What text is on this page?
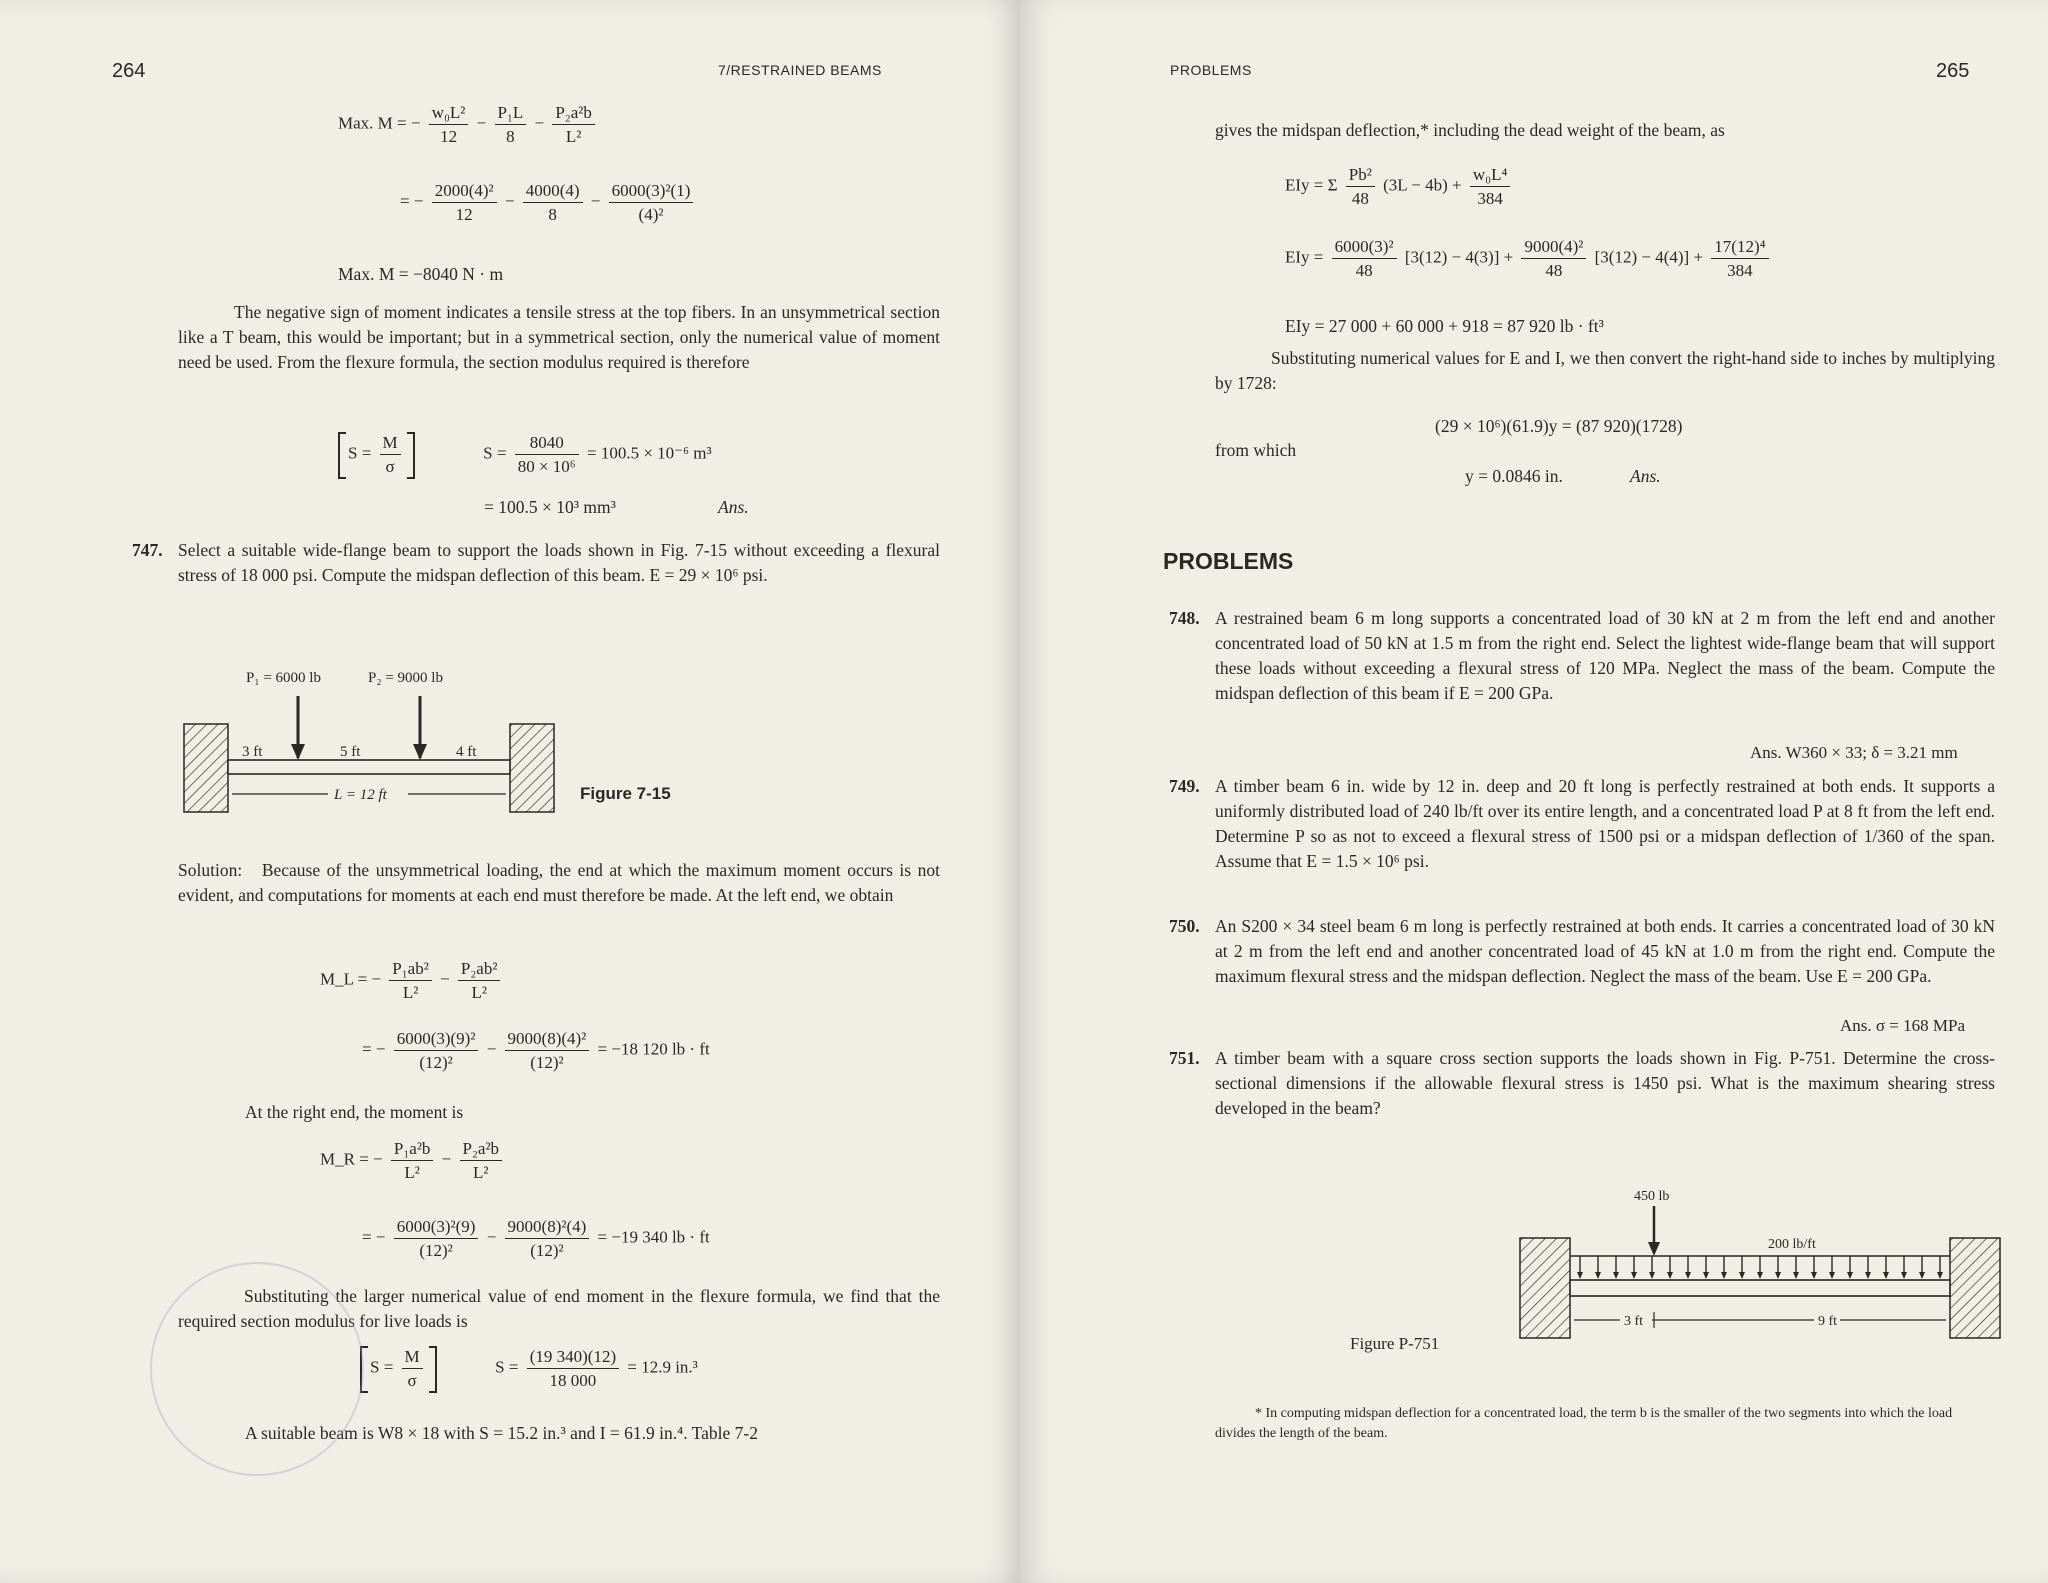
264	7/RESTRAINED BEAMS
Max. M = − $\frac{\text{w₀L²}}{12} - \frac{\text{P₁L}}{8} - \frac{\text{P₂a²b}}{\text{L²}}$
= − $\frac{\text{2000(4)²}}{12} - \frac{4000(4)}{8} - \frac{\text{6000(3)²(1)}}{\text{(4)²}}$
Max. M = −8040 N · m
The negative sign of moment indicates a tensile stress at the top fibers. In an unsymmetrical section like a T beam, this would be important; but in a symmetrical section, only the numerical value of moment need be used. From the flexure formula, the section modulus required is therefore
$S = \frac{M}{\sigma}$	$S = \frac{8040}{\text{80 × 10⁶}} = 100.5 \times 10^{-6}$ m³
= 100.5 × 10³ mm³	Ans.
747. Select a suitable wide-flange beam to support the loads shown in Fig. 7-15 without exceeding a flexural stress of 18 000 psi. Compute the midspan deflection of this beam. E = 29 × 10⁶ psi.
P₁ = 6000 lb	P₂ = 9000 lb
3 ft	5 ft	4 ft
L = 12 ft	Figure 7-15
Solution: Because of the unsymmetrical loading, the end at which the maximum moment occurs is not evident, and computations for moments at each end must therefore be made. At the left end, we obtain
M_L = − $\frac{\text{P₁ab²}}{\text{L²}} - \frac{\text{P₂ab²}}{\text{L²}}$
= − $\frac{\text{6000(3)(9)²}}{\text{(12)²}} - \frac{\text{9000(8)(4)²}}{\text{(12)²}} = -18$ 120 lb · ft
At the right end, the moment is
M_R = − $\frac{\text{P₁a²b}}{\text{L²}} - \frac{\text{P₂a²b}}{\text{L²}}$
= − $\frac{\text{6000(3)²(9)}}{\text{(12)²}} - \frac{\text{9000(8)²(4)}}{\text{(12)²}} = -19$ 340 lb · ft
Substituting the larger numerical value of end moment in the flexure formula, we find that the required section modulus for live loads is
$S = \frac{M}{\sigma}$	$S = \frac{(19 340)(12)}{18 000} = 12.9$ in.³
A suitable beam is W8 × 18 with S = 15.2 in.³ and I = 61.9 in.⁴. Table 7-2
PROBLEMS	265
gives the midspan deflection,* including the dead weight of the beam, as
EIy = Σ $\frac{\text{Pb²}}{48} (3L - 4b) + \frac{\text{w₀L⁴}}{384}$
EIy = $\frac{\text{6000(3)²}}{48} [3(12) - 4(3)] + \frac{\text{9000(4)²}}{48} [3(12) - 4(4)] + \frac{\text{17(12)⁴}}{384}$
EIy = 27 000 + 60 000 + 918 = 87 920 lb · ft³
Substituting numerical values for E and I, we then convert the right-hand side to inches by multiplying by 1728:
(29 × 10⁶)(61.9)y = (87 920)(1728)
from which
y = 0.0846 in.	Ans.
PROBLEMS
748. A restrained beam 6 m long supports a concentrated load of 30 kN at 2 m from the left end and another concentrated load of 50 kN at 1.5 m from the right end. Select the lightest wide-flange beam that will support these loads without exceeding a flexural stress of 120 MPa. Neglect the mass of the beam. Compute the midspan deflection of this beam if E = 200 GPa.
Ans. W360 × 33; δ = 3.21 mm
749. A timber beam 6 in. wide by 12 in. deep and 20 ft long is perfectly restrained at both ends. It supports a uniformly distributed load of 240 lb/ft over its entire length, and a concentrated load P at 8 ft from the left end. Determine P so as not to exceed a flexural stress of 1500 psi or a midspan deflection of 1/360 of the span. Assume that E = 1.5 × 10⁶ psi.
750. An S200 × 34 steel beam 6 m long is perfectly restrained at both ends. It carries a concentrated load of 30 kN at 2 m from the left end and another concentrated load of 45 kN at 1.0 m from the right end. Compute the maximum flexural stress and the midspan deflection. Neglect the mass of the beam. Use E = 200 GPa.
Ans. σ = 168 MPa
751. A timber beam with a square cross section supports the loads shown in Fig. P-751. Determine the cross-sectional dimensions if the allowable flexural stress is 1450 psi. What is the maximum shearing stress developed in the beam?
450 lb
200 lb/ft
3 ft	9 ft
Figure P-751
* In computing midspan deflection for a concentrated load, the term b is the smaller of the two segments into which the load divides the length of the beam.
